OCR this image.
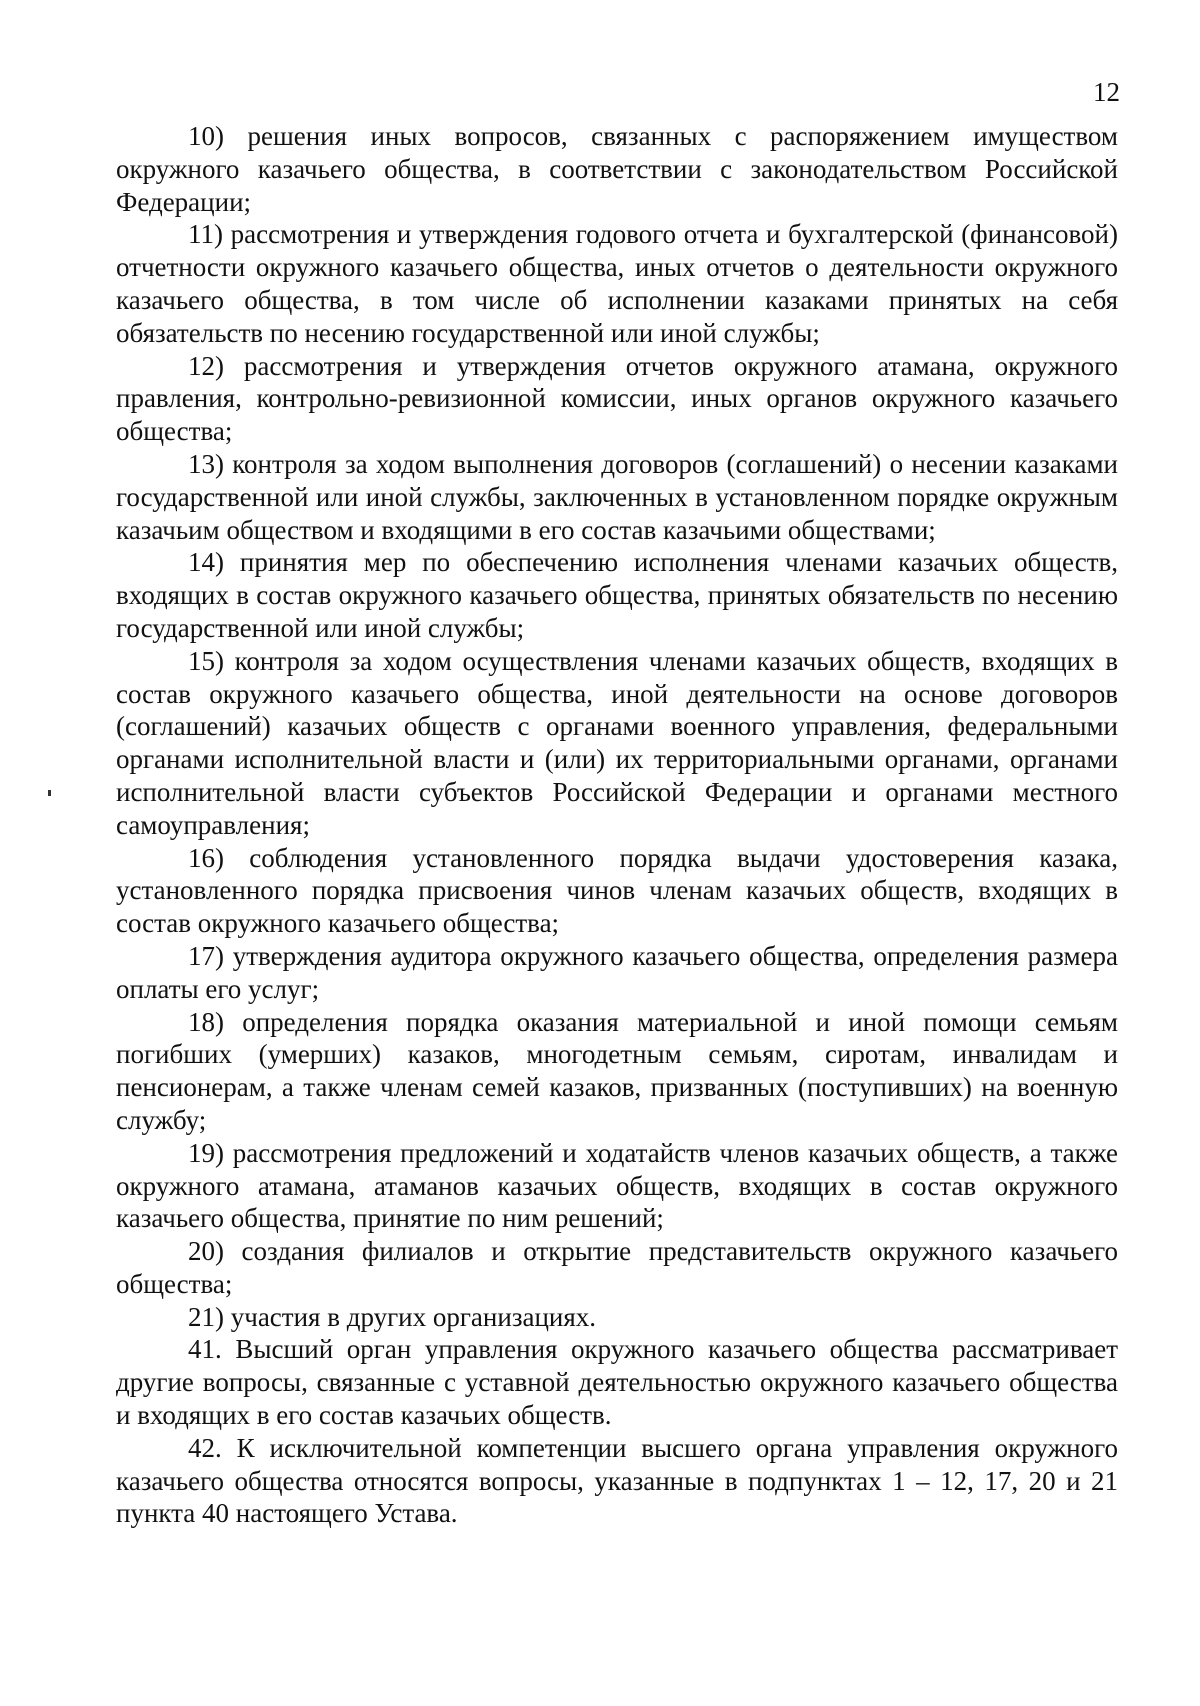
12

10) решения иных вопросов, связанных с распоряжением имуществом окружного казачьего общества, в соответствии с законодательством Российской Федерации;

11) рассмотрения и утверждения годового отчета и бухгалтерской (финансовой) отчетности окружного казачьего общества, иных отчетов о деятельности окружного казачьего общества, в том числе об исполнении казаками принятых на себя обязательств по несению государственной или иной службы;

12) рассмотрения и утверждения отчетов окружного атамана, окружного правления, контрольно-ревизионной комиссии, иных органов окружного казачьего общества;

13) контроля за ходом выполнения договоров (соглашений) о несении казаками государственной или иной службы, заключенных в установленном порядке окружным казачьим обществом и входящими в его состав казачьими обществами;

14) принятия мер по обеспечению исполнения членами казачьих обществ, входящих в состав окружного казачьего общества, принятых обязательств по несению государственной или иной службы;

15) контроля за ходом осуществления членами казачьих обществ, входящих в состав окружного казачьего общества, иной деятельности на основе договоров (соглашений) казачьих обществ с органами военного управления, федеральными органами исполнительной власти и (или) их территориальными органами, органами исполнительной власти субъектов Российской Федерации и органами местного самоуправления;

16) соблюдения установленного порядка выдачи удостоверения казака, установленного порядка присвоения чинов членам казачьих обществ, входящих в состав окружного казачьего общества;

17) утверждения аудитора окружного казачьего общества, определения размера оплаты его услуг;

18) определения порядка оказания материальной и иной помощи семьям погибших (умерших) казаков, многодетным семьям, сиротам, инвалидам и пенсионерам, а также членам семей казаков, призванных (поступивших) на военную службу;

19) рассмотрения предложений и ходатайств членов казачьих обществ, а также окружного атамана, атаманов казачьих обществ, входящих в состав окружного казачьего общества, принятие по ним решений;

20) создания филиалов и открытие представительств окружного казачьего общества;

21) участия в других организациях.

41. Высший орган управления окружного казачьего общества рассматривает другие вопросы, связанные с уставной деятельностью окружного казачьего общества и входящих в его состав казачьих обществ.

42. К исключительной компетенции высшего органа управления окружного казачьего общества относятся вопросы, указанные в подпунктах 1 – 12, 17, 20 и 21 пункта 40 настоящего Устава.
